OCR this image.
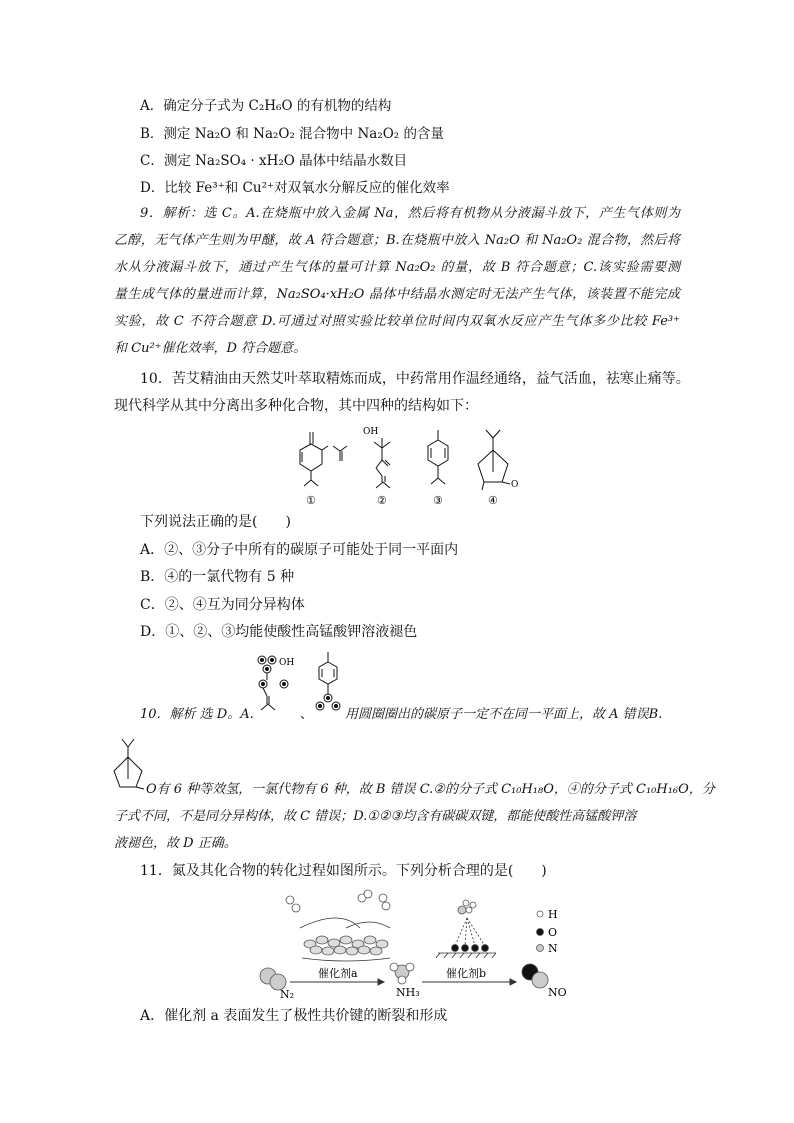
A．确定分子式为 C₂H₆O 的有机物的结构
B．测定 Na₂O 和 Na₂O₂ 混合物中 Na₂O₂ 的含量
C．测定 Na₂SO₄ · xH₂O 晶体中结晶水数目
D．比较 Fe³⁺和 Cu²⁺对双氧水分解反应的催化效率
9．解析：选 C。A.在烧瓶中放入金属 Na，然后将有机物从分液漏斗放下，产生气体则为
乙醇，无气体产生则为甲醚，故 A 符合题意；B.在烧瓶中放入 Na₂O 和 Na₂O₂ 混合物，然后将
水从分液漏斗放下，通过产生气体的量可计算 Na₂O₂ 的量，故 B 符合题意；C.该实验需要测
量生成气体的量进而计算，Na₂SO₄·xH₂O 晶体中结晶水测定时无法产生气体，该装置不能完成
实验，故 C 不符合题意 D.可通过对照实验比较单位时间内双氧水反应产生气体多少比较 Fe³⁺
和 Cu²⁺催化效率，D 符合题意。
10．苦艾精油由天然艾叶萃取精炼而成，中药常用作温经通络，益气活血，祛寒止痛等。
现代科学从其中分离出多种化合物，其中四种的结构如下：
OH
O
①	②	③	④
下列说法正确的是(　　)
A．②、③分子中所有的碳原子可能处于同一平面内
B．④的一氯代物有 5 种
C．②、④互为同分异构体
D．①、②、③均能使酸性高锰酸钾溶液褪色
OH
10．解析 选 D。A.	、 用圆圈圈出的碳原子一定不在同一平面上，故 A 错误B.
O有 6 种等效氢，一氯代物有 6 种，故 B 错误 C.②的分子式 C₁₀H₁₈O，④的分子式 C₁₀H₁₆O，分
子式不同，不是同分异构体，故 C 错误；D.①②③均含有碳碳双键，都能使酸性高锰酸钾溶
液褪色，故 D 正确。
11．氮及其化合物的转化过程如图所示。下列分析合理的是(　　)
催化剂a	催化剂b
N₂	NH₃	NO
H
O
N
A．催化剂 a 表面发生了极性共价键的断裂和形成
